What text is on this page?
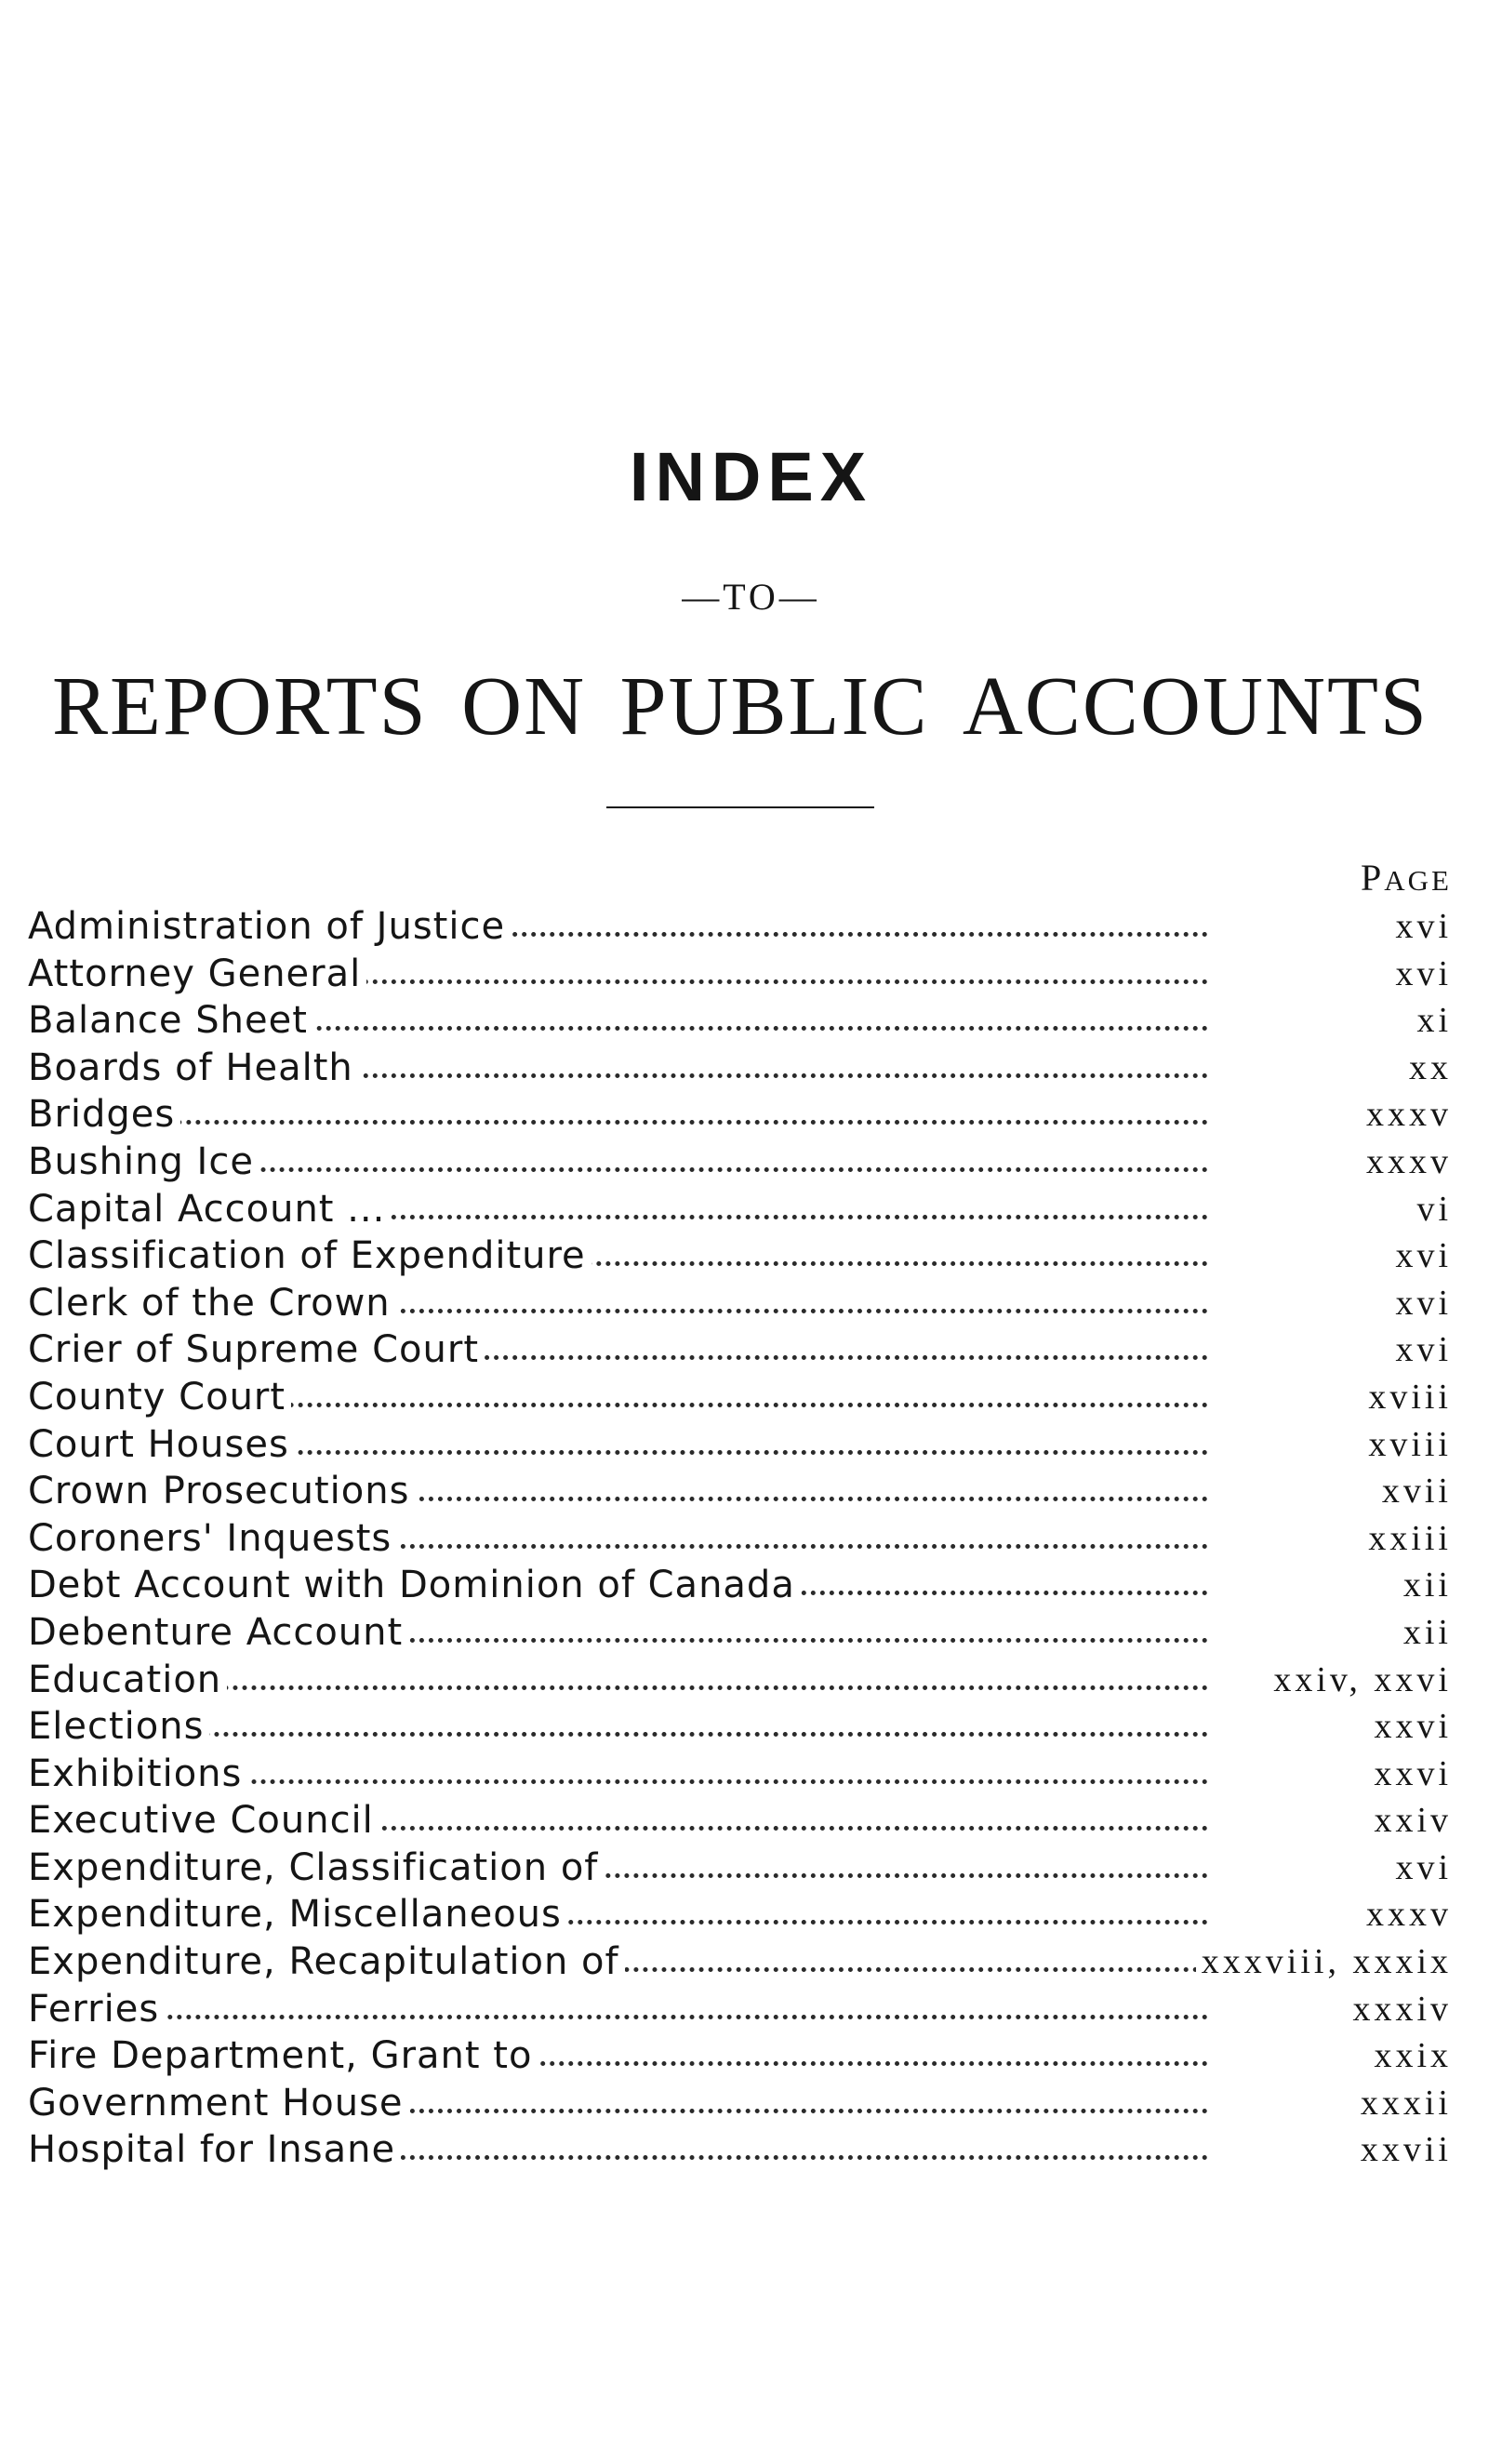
INDEX
—TO—
REPORTS ON PUBLIC ACCOUNTS
PAGE
Administration of Justice	xvi
Attorney General	xvi
Balance Sheet	xi
Boards of Health	xx
Bridges	xxxv
Bushing Ice	xxxv
Capital Account ...	vi
Classification of Expenditure	xvi
Clerk of the Crown	xvi
Crier of Supreme Court	xvi
County Court	xviii
Court Houses	xviii
Crown Prosecutions	xvii
Coroners' Inquests	xxiii
Debt Account with Dominion of Canada	xii
Debenture Account	xii
Education	xxiv, xxvi
Elections	xxvi
Exhibitions	xxvi
Executive Council	xxiv
Expenditure, Classification of	xvi
Expenditure, Miscellaneous	xxxv
Expenditure, Recapitulation of	xxxviii, xxxix
Ferries	xxxiv
Fire Department, Grant to	xxix
Government House	xxxii
Hospital for Insane	xxvii
